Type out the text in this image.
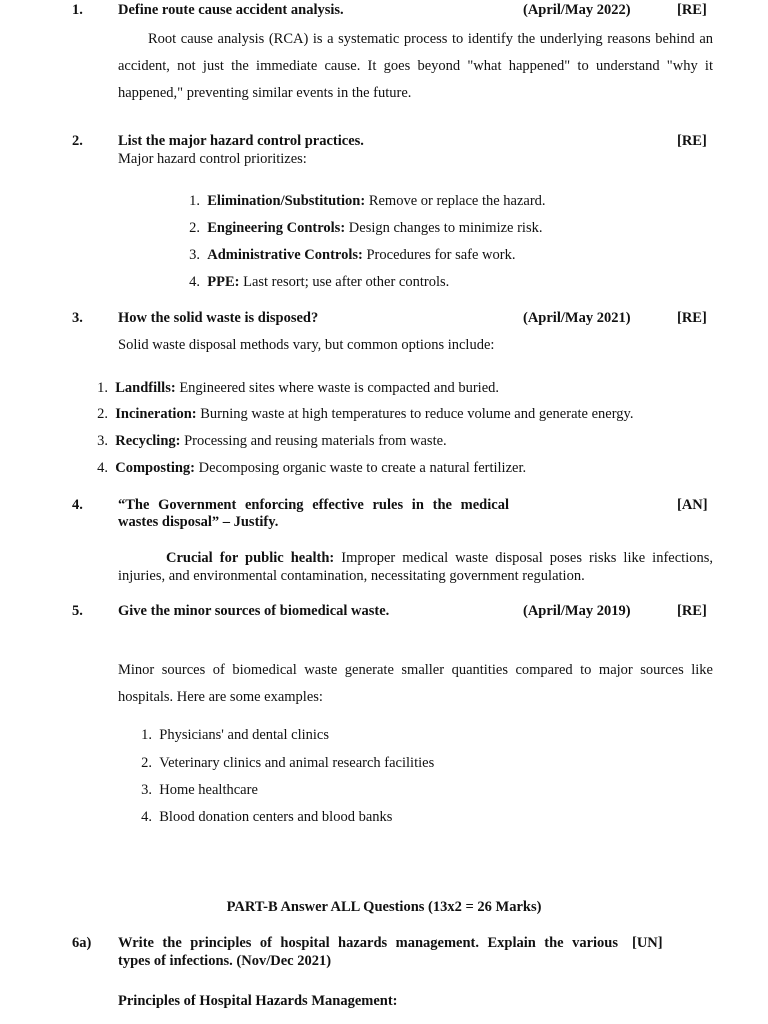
1. Define route cause accident analysis.	(April/May 2022)	[RE]
Root cause analysis (RCA) is a systematic process to identify the underlying reasons behind an accident, not just the immediate cause. It goes beyond "what happened" to understand "why it happened," preventing similar events in the future.
2. List the major hazard control practices.	[RE]
Major hazard control prioritizes:
1. Elimination/Substitution: Remove or replace the hazard.
2. Engineering Controls: Design changes to minimize risk.
3. Administrative Controls: Procedures for safe work.
4. PPE: Last resort; use after other controls.
3. How the solid waste is disposed?	(April/May 2021)	[RE]
Solid waste disposal methods vary, but common options include:
1. Landfills: Engineered sites where waste is compacted and buried.
2. Incineration: Burning waste at high temperatures to reduce volume and generate energy.
3. Recycling: Processing and reusing materials from waste.
4. Composting: Decomposing organic waste to create a natural fertilizer.
4. “The Government enforcing effective rules in the medical
wastes disposal” – Justify.
[AN]
Crucial for public health: Improper medical waste disposal poses risks like infections,
injuries, and environmental contamination, necessitating government regulation.
5. Give the minor sources of biomedical waste.	(April/May 2019)	[RE]
Minor sources of biomedical waste generate smaller quantities compared to major sources like hospitals. Here are some examples:
1. Physicians' and dental clinics
2. Veterinary clinics and animal research facilities
3. Home healthcare
4. Blood donation centers and blood banks
PART-B Answer ALL Questions (13x2 = 26 Marks)
6a) Write the principles of hospital hazards management. Explain the various
types of infections. (Nov/Dec 2021)
[UN]
Principles of Hospital Hazards Management:
